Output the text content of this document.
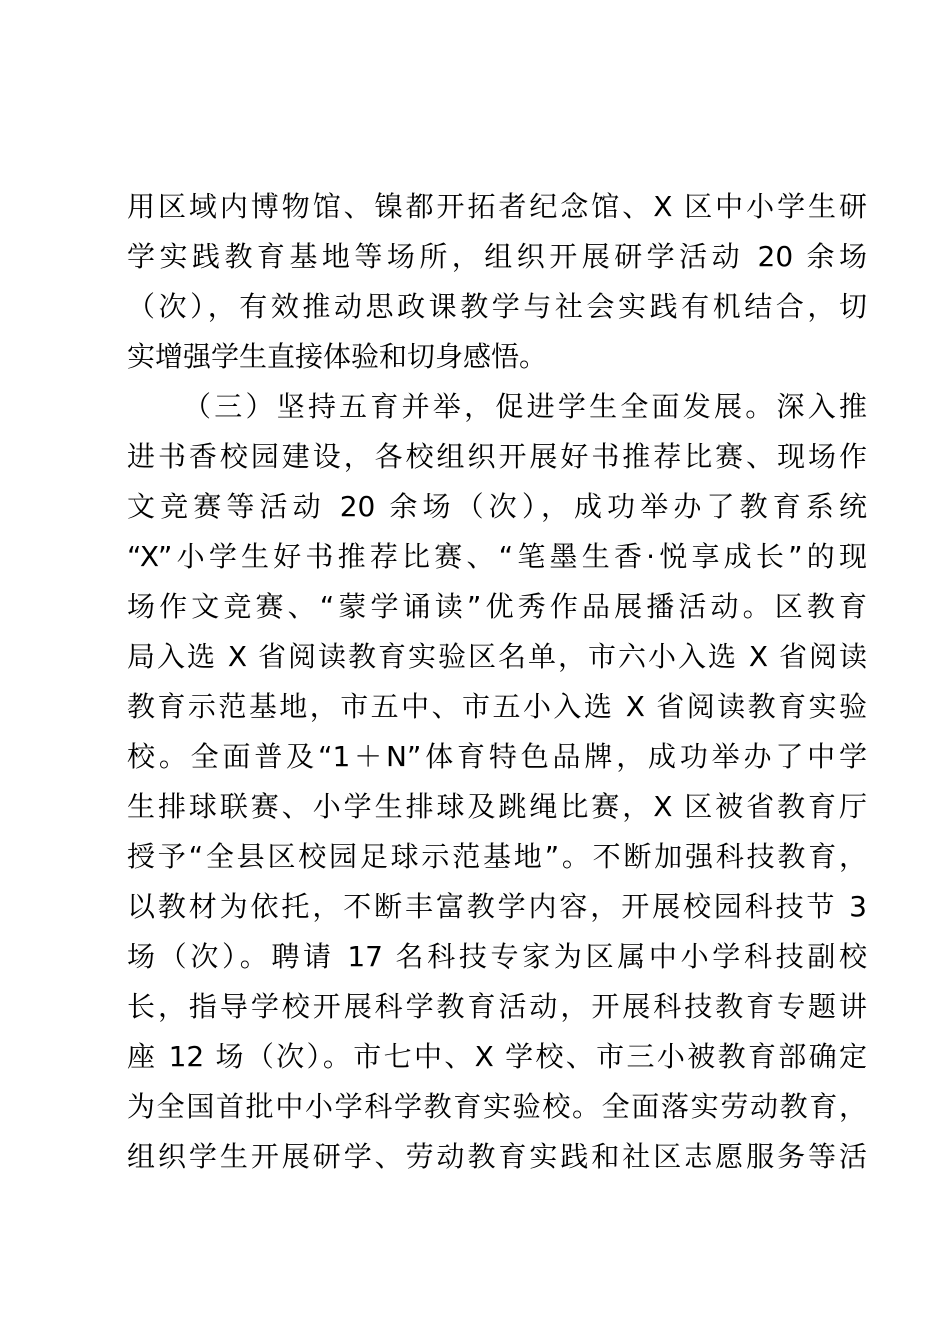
用区域内博物馆、镍都开拓者纪念馆、X 区中小学生研
学实践教育基地等场所，组织开展研学活动 20 余场
（次），有效推动思政课教学与社会实践有机结合，切
实增强学生直接体验和切身感悟。
（三）坚持五育并举，促进学生全面发展。深入推
进书香校园建设，各校组织开展好书推荐比赛、现场作
文竞赛等活动 20 余场（次），成功举办了教育系统
“X”小学生好书推荐比赛、“笔墨生香·悦享成长”的现
场作文竞赛、“蒙学诵读”优秀作品展播活动。区教育
局入选 X 省阅读教育实验区名单，市六小入选 X 省阅读
教育示范基地，市五中、市五小入选 X 省阅读教育实验
校。全面普及“1＋N”体育特色品牌，成功举办了中学
生排球联赛、小学生排球及跳绳比赛，X 区被省教育厅
授予“全县区校园足球示范基地”。不断加强科技教育，
以教材为依托，不断丰富教学内容，开展校园科技节 3
场（次）。聘请 17 名科技专家为区属中小学科技副校
长，指导学校开展科学教育活动，开展科技教育专题讲
座 12 场（次）。市七中、X 学校、市三小被教育部确定
为全国首批中小学科学教育实验校。全面落实劳动教育，
组织学生开展研学、劳动教育实践和社区志愿服务等活
